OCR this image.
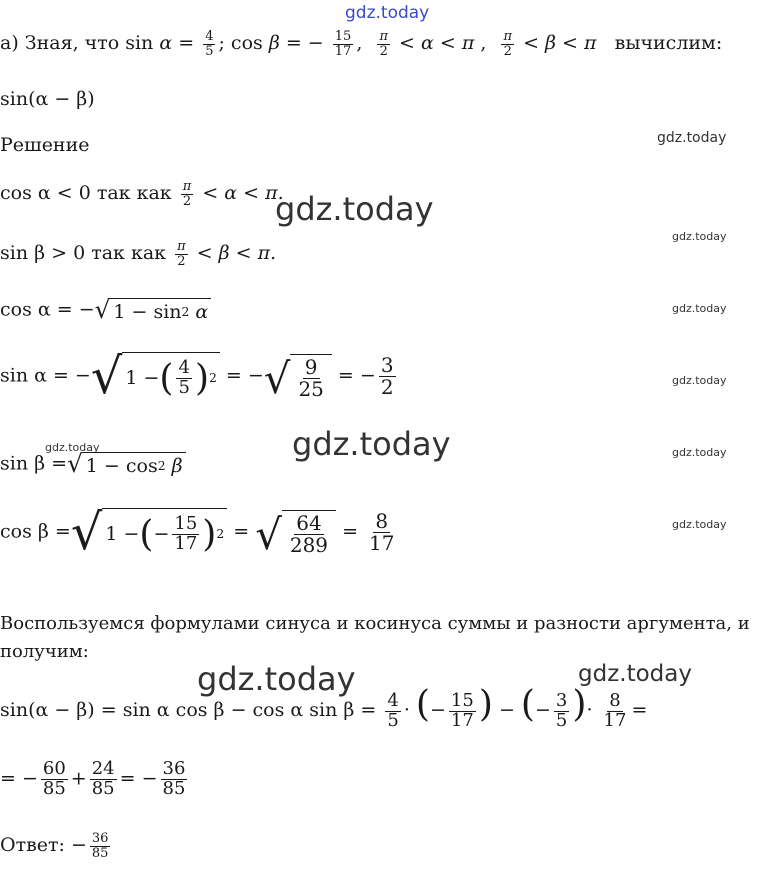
gdz.today
gdz.today
gdz.today
gdz.today
gdz.today
gdz.today
gdz.today	gdz.today
gdz.today
gdz.today
gdz.today	gdz.today
а) Зная, что $\sin \alpha = \frac{4}{5}$ ; cos β = − $\frac{15}{17}$ , $\frac{\pi}{2} < \alpha < \pi$ , $\frac{\pi}{2} < \beta < \pi$ вычислим:
sin(α − β)
Решение
cos α < 0 так как $\frac{\pi}{2} < \alpha < \pi$.
sin β > 0 так как $\frac{\pi}{2} < \beta < \pi$.
cos α = − √ 1 − sin 2
α
sin α = − √ 1 − ( $\frac{4}{5}$ ) 2 = − √ $\frac{9}{25}$ = − $\frac{3}{2}$
sin β = √ 1 − cos 2
β
cos β = √ 1 − ( − $\frac{15}{17}$ ) 2 = √ $\frac{64}{289} = \frac{8}{17}$
Воспользуемся формулами синуса и косинуса суммы и разности аргумента, и получим:
sin(α − β) = sin α cos β − cos α $\sin \beta = \frac{4}{5}$ · (− $\frac{15}{17}$ ) − (− $\frac{3}{5}$ )· $\frac{8}{17}$ =
= − $\frac{60}{85} + \frac{24}{85}$ = − $\frac{36}{85}$
Ответ: − $\frac{36}{85}$
